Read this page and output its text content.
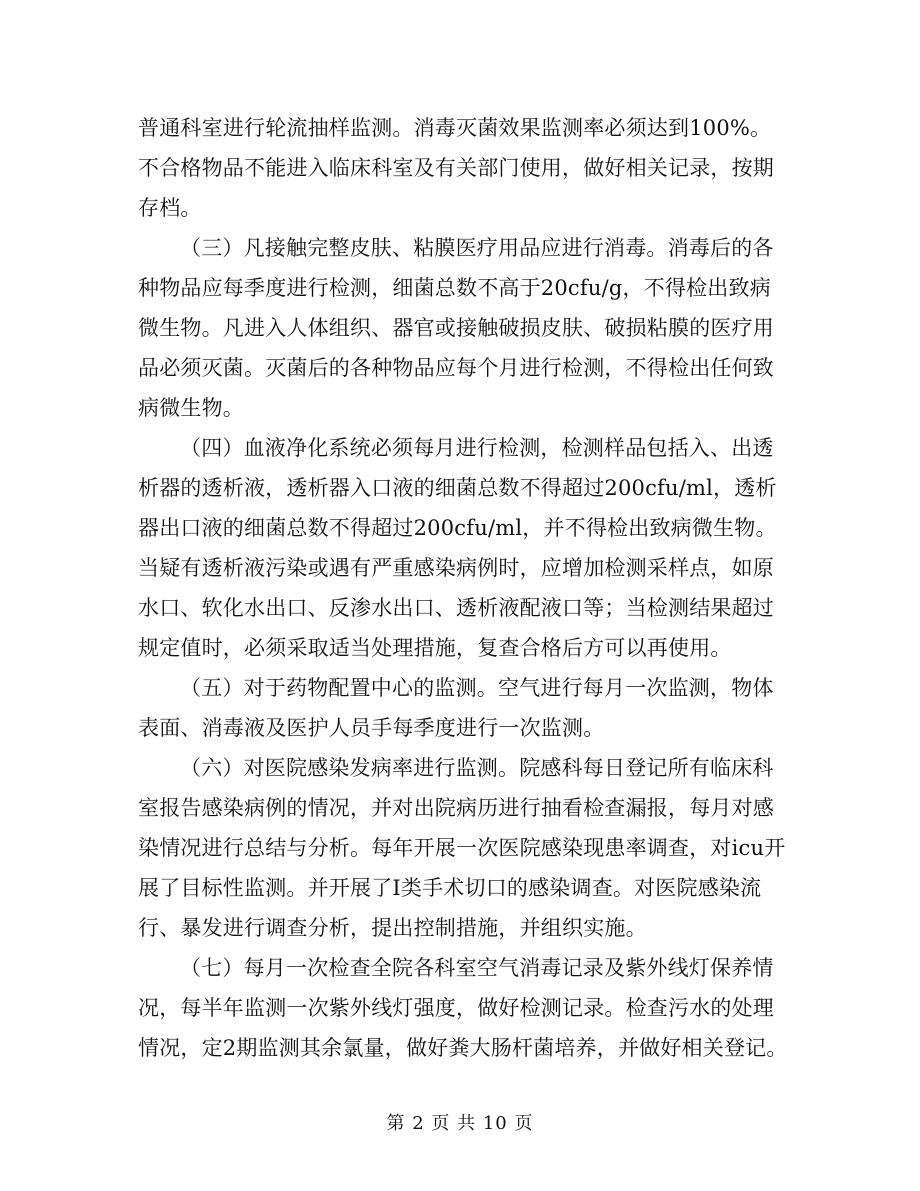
普通科室进行轮流抽样监测。消毒灭菌效果监测率必须达到100%。不合格物品不能进入临床科室及有关部门使用，做好相关记录，按期存档。

（三）凡接触完整皮肤、粘膜医疗用品应进行消毒。消毒后的各种物品应每季度进行检测，细菌总数不高于20cfu/g，不得检出致病微生物。凡进入人体组织、器官或接触破损皮肤、破损粘膜的医疗用品必须灭菌。灭菌后的各种物品应每个月进行检测，不得检出任何致病微生物。

（四）血液净化系统必须每月进行检测，检测样品包括入、出透析器的透析液，透析器入口液的细菌总数不得超过200cfu/ml，透析器出口液的细菌总数不得超过200cfu/ml，并不得检出致病微生物。当疑有透析液污染或遇有严重感染病例时，应增加检测采样点，如原水口、软化水出口、反渗水出口、透析液配液口等；当检测结果超过规定值时，必须采取适当处理措施，复查合格后方可以再使用。

（五）对于药物配置中心的监测。空气进行每月一次监测，物体表面、消毒液及医护人员手每季度进行一次监测。

（六）对医院感染发病率进行监测。院感科每日登记所有临床科室报告感染病例的情况，并对出院病历进行抽看检查漏报，每月对感染情况进行总结与分析。每年开展一次医院感染现患率调查，对icu开展了目标性监测。并开展了Ⅰ类手术切口的感染调查。对医院感染流行、暴发进行调查分析，提出控制措施，并组织实施。

（七）每月一次检查全院各科室空气消毒记录及紫外线灯保养情况，每半年监测一次紫外线灯强度，做好检测记录。检查污水的处理情况，定2期监测其余氯量，做好粪大肠杆菌培养，并做好相关登记。

第 2 页 共 10 页
